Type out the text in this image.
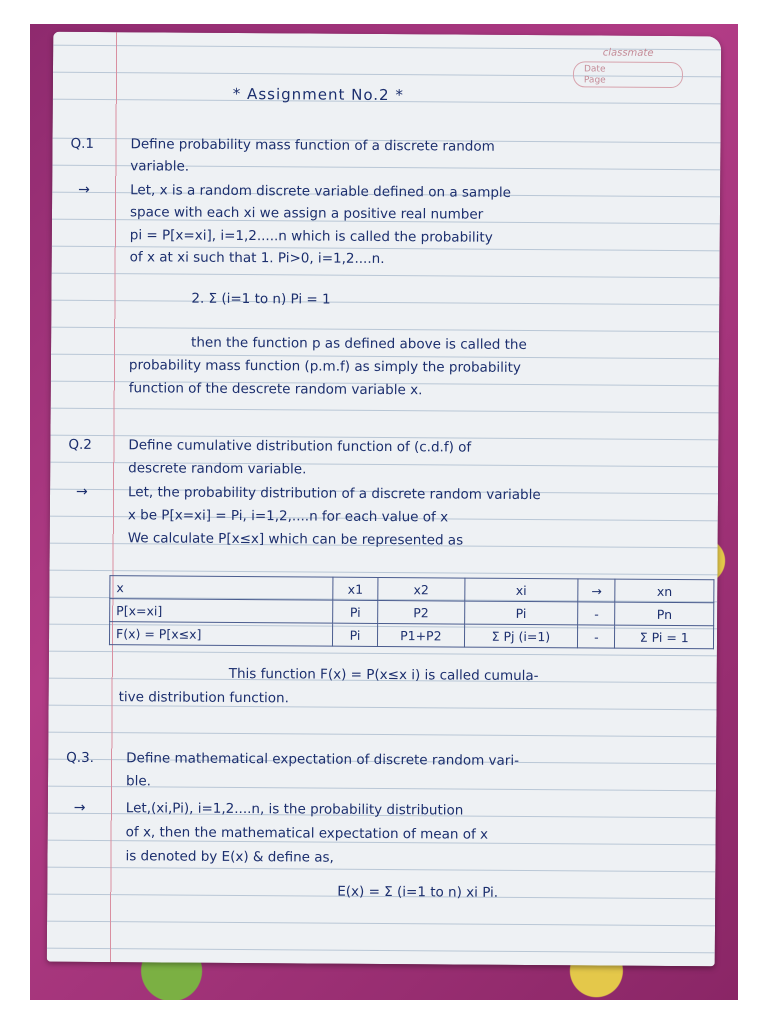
classmate
Date
Page
* Assignment No.2 *
Q.1	Define probability mass function of a discrete random
variable.
→	Let, x is a random discrete variable defined on a sample
space with each xi we assign a positive real number
pi = P[x=xi], i=1,2.....n which is called the probability
of x at xi such that 1. Pi>0, i=1,2....n.
2. Σ (i=1 to n) Pi = 1
then the function p as defined above is called the
probability mass function (p.m.f) as simply the probability
function of the descrete random variable x.
Q.2	Define cumulative distribution function of (c.d.f) of
descrete random variable.
→	Let, the probability distribution of a discrete random variable
x be P[x=xi] = Pi, i=1,2,....n for each value of x
We calculate P[x≤x] which can be represented as
x	x1	x2	xi	→	xn
P[x=xi]	Pi	P2	Pi	-	Pn
F(x) = P[x≤x]	Pi	P1+P2	Σ Pj (i=1)	-	Σ Pi = 1
This function F(x) = P(x≤x i) is called cumula-
tive distribution function.
Q.3. Define mathematical expectation of discrete random vari-
ble.
→	Let,(xi,Pi), i=1,2....n, is the probability distribution
of x, then the mathematical expectation of mean of x
is denoted by E(x) & define as,
E(x) = Σ (i=1 to n) xi Pi.
